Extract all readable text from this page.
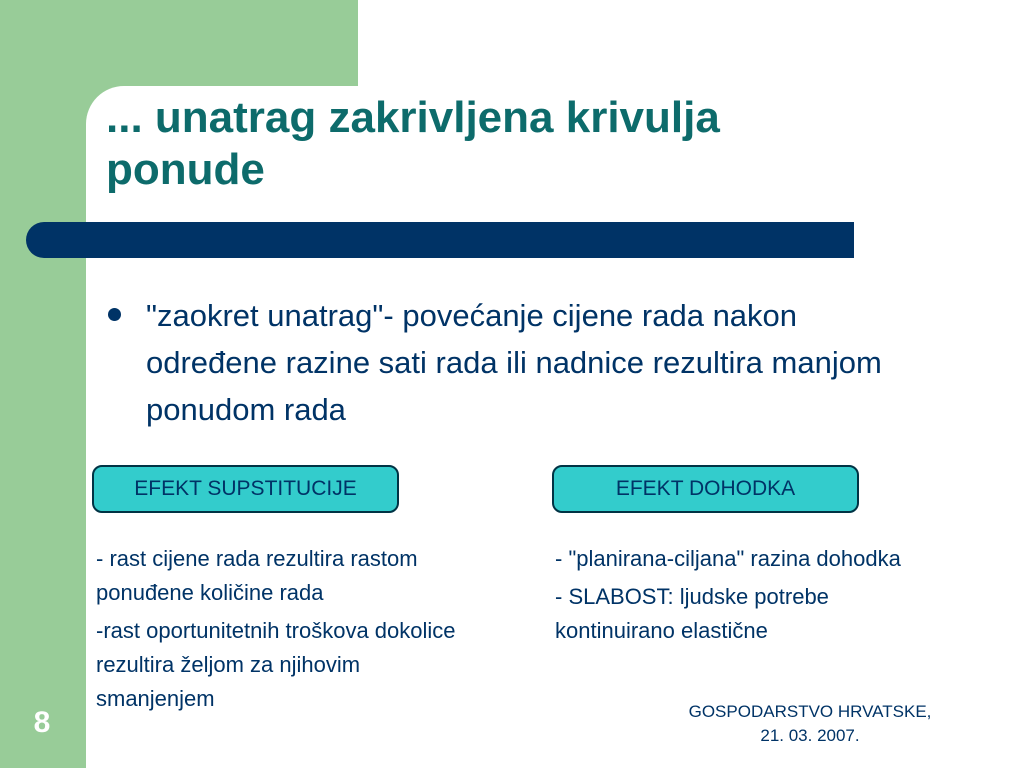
... unatrag zakrivljena krivulja ponude

"zaokret unatrag"- povećanje cijene rada nakon određene razine sati rada ili nadnice rezultira manjom ponudom rada

EFEKT SUPSTITUCIJE	EFEKT DOHODKA

- rast cijene rada rezultira rastom ponuđene količine rada

-rast oportunitetnih troškova dokolice rezultira željom za njihovim smanjenjem

- "planirana-ciljana" razina dohodka

- SLABOST: ljudske potrebe kontinuirano elastične

8	GOSPODARSTVO HRVATSKE,
21. 03. 2007.
